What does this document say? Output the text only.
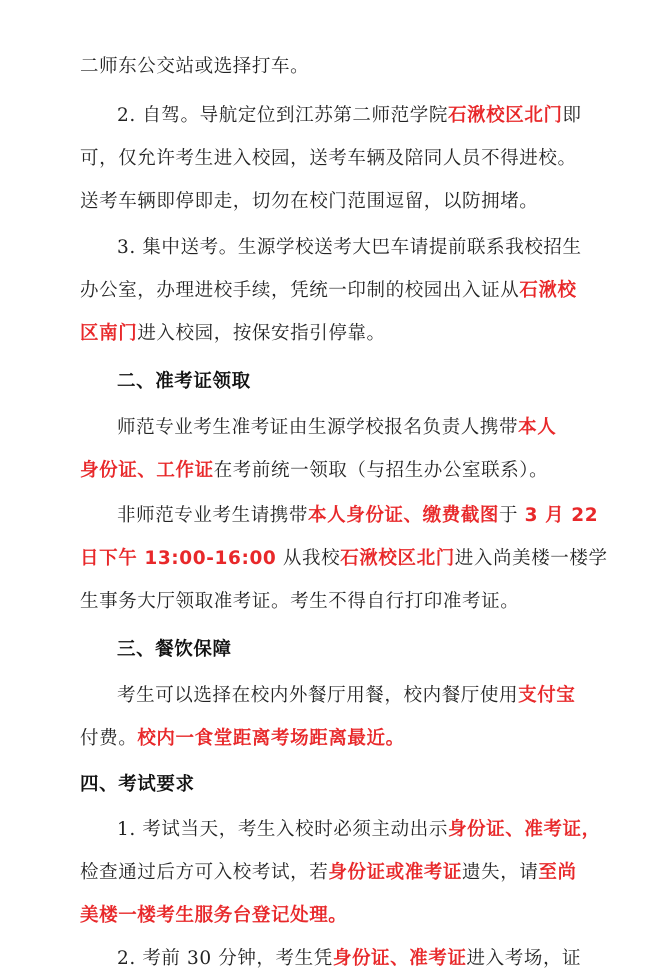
二师东公交站或选择打车。
2. 自驾。导航定位到江苏第二师范学院石湫校区北门即
可，仅允许考生进入校园，送考车辆及陪同人员不得进校。
送考车辆即停即走，切勿在校门范围逗留，以防拥堵。
3. 集中送考。生源学校送考大巴车请提前联系我校招生
办公室，办理进校手续，凭统一印制的校园出入证从石湫校
区南门进入校园，按保安指引停靠。
二、准考证领取
师范专业考生准考证由生源学校报名负责人携带本人
身份证、工作证在考前统一领取（与招生办公室联系）。
非师范专业考生请携带本人身份证、缴费截图于 3 月 22
日下午 13:00-16:00 从我校石湫校区北门进入尚美楼一楼学
生事务大厅领取准考证。考生不得自行打印准考证。
三、餐饮保障
考生可以选择在校内外餐厅用餐，校内餐厅使用支付宝
付费。校内一食堂距离考场距离最近。
四、考试要求
1. 考试当天，考生入校时必须主动出示身份证、准考证，
检查通过后方可入校考试，若身份证或准考证遗失，请至尚
美楼一楼考生服务台登记处理。
2. 考前 30 分钟，考生凭身份证、准考证进入考场，证
